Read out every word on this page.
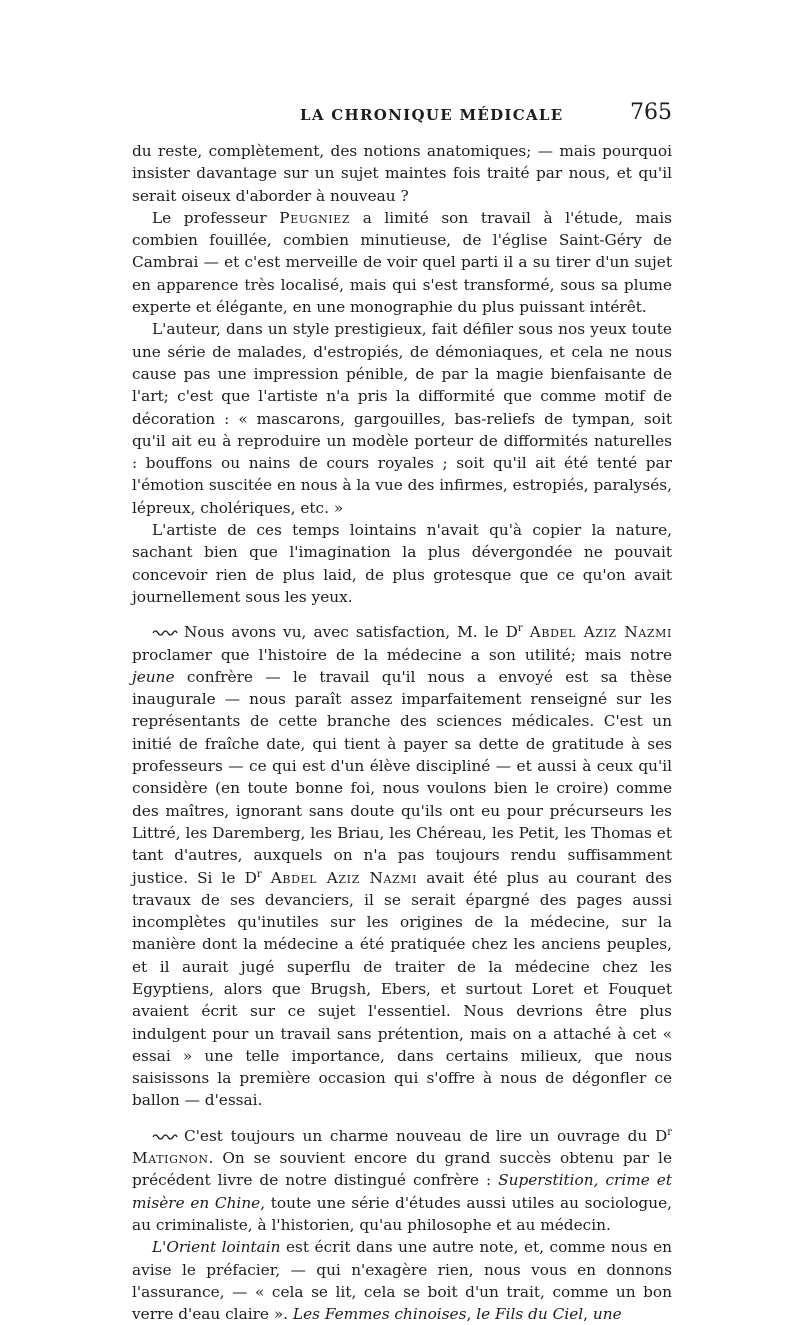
LA CHRONIQUE MÉDICALE	765

du reste, complètement, des notions anatomiques; — mais pourquoi insister davantage sur un sujet maintes fois traité par nous, et qu'il serait oiseux d'aborder à nouveau ?

Le professeur Peugniez a limité son travail à l'étude, mais combien fouillée, combien minutieuse, de l'église Saint-Géry de Cambrai — et c'est merveille de voir quel parti il a su tirer d'un sujet en apparence très localisé, mais qui s'est transformé, sous sa plume experte et élégante, en une monographie du plus puissant intérêt.

L'auteur, dans un style prestigieux, fait défiler sous nos yeux toute une série de malades, d'estropiés, de démoniaques, et cela ne nous cause pas une impression pénible, de par la magie bienfaisante de l'art; c'est que l'artiste n'a pris la difformité que comme motif de décoration : « mascarons, gargouilles, bas-reliefs de tympan, soit qu'il ait eu à reproduire un modèle porteur de difformités naturelles : bouffons ou nains de cours royales ; soit qu'il ait été tenté par l'émotion suscitée en nous à la vue des infirmes, estropiés, paralysés, lépreux, cholériques, etc. »

L'artiste de ces temps lointains n'avait qu'à copier la nature, sachant bien que l'imagination la plus dévergondée ne pouvait concevoir rien de plus laid, de plus grotesque que ce qu'on avait journellement sous les yeux.

Nous avons vu, avec satisfaction, M. le $D^r$ Abdel Aziz Nazmi proclamer que l'histoire de la médecine a son utilité; mais notre jeune confrère — le travail qu'il nous a envoyé est sa thèse inaugurale — nous paraît assez imparfaitement renseigné sur les représentants de cette branche des sciences médicales. C'est un initié de fraîche date, qui tient à payer sa dette de gratitude à ses professeurs — ce qui est d'un élève discipliné — et aussi à ceux qu'il considère (en toute bonne foi, nous voulons bien le croire) comme des maîtres, ignorant sans doute qu'ils ont eu pour précurseurs les Littré, les Daremberg, les Briau, les Chéreau, les Petit, les Thomas et tant d'autres, auxquels on n'a pas toujours rendu suffisamment justice. Si le $D^r$ Abdel Aziz Nazmi avait été plus au courant des travaux de ses devanciers, il se serait épargné des pages aussi incomplètes qu'inutiles sur les origines de la médecine, sur la manière dont la médecine a été pratiquée chez les anciens peuples, et il aurait jugé superflu de traiter de la médecine chez les Egyptiens, alors que Brugsh, Ebers, et surtout Loret et Fouquet avaient écrit sur ce sujet l'essentiel. Nous devrions être plus indulgent pour un travail sans prétention, mais on a attaché à cet « essai » une telle importance, dans certains milieux, que nous saisissons la première occasion qui s'offre à nous de dégonfler ce ballon — d'essai.

C'est toujours un charme nouveau de lire un ouvrage du $D^r$ Matignon. On se souvient encore du grand succès obtenu par le précédent livre de notre distingué confrère : Superstition, crime et misère en Chine, toute une série d'études aussi utiles au sociologue, au criminaliste, à l'historien, qu'au philosophe et au médecin.

L'Orient lointain est écrit dans une autre note, et, comme nous en avise le préfacier, — qui n'exagère rien, nous vous en donnons l'assurance, — « cela se lit, cela se boit d'un trait, comme un bon verre d'eau claire ». Les Femmes chinoises, le Fils du Ciel, une
